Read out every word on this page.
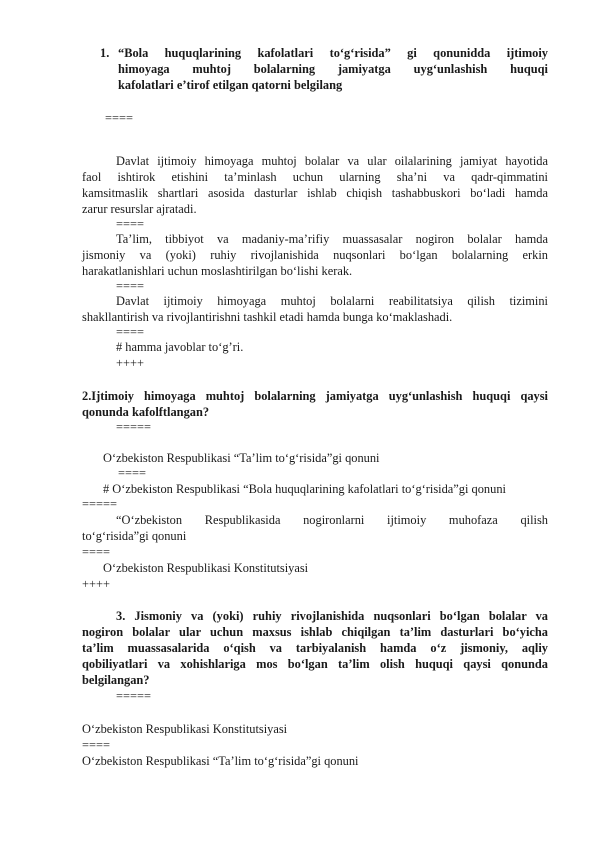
1. “Bola huquqlarining kafolatlari to‘g‘risida” gi qonunidda ijtimoiy
himoyaga muhtoj bolalarning jamiyatga uyg‘unlashish huquqi
kafolatlari e’tirof etilgan qatorni belgilang
====
Davlat ijtimoiy himoyaga muhtoj bolalar va ular oilalarining jamiyat hayotida
faol ishtirok etishini ta’minlash uchun ularning sha’ni va qadr-qimmatini
kamsitmaslik shartlari asosida dasturlar ishlab chiqish tashabbuskori bo‘ladi hamda
zarur resurslar ajratadi.
====
Ta’lim, tibbiyot va madaniy-ma’rifiy muassasalar nogiron bolalar hamda
jismoniy va (yoki) ruhiy rivojlanishida nuqsonlari bo‘lgan bolalarning erkin
harakatlanishlari uchun moslashtirilgan bo‘lishi kerak.
====
Davlat ijtimoiy himoyaga muhtoj bolalarni reabilitatsiya qilish tizimini
shakllantirish va rivojlantirishni tashkil etadi hamda bunga ko‘maklashadi.
====
# hamma javoblar to‘g’ri.
++++
2.Ijtimoiy himoyaga muhtoj bolalarning jamiyatga uyg‘unlashish huquqi qaysi
qonunda kafolftlangan?
=====
O‘zbekiston Respublikasi “Ta’lim to‘g‘risida”gi qonuni
====
# O‘zbekiston Respublikasi “Bola huquqlarining kafolatlari to‘g‘risida”gi qonuni
=====
“O‘zbekiston Respublikasida nogironlarni ijtimoiy muhofaza qilish
to‘g‘risida”gi qonuni
====
O‘zbekiston Respublikasi Konstitutsiyasi
++++
3. Jismoniy va (yoki) ruhiy rivojlanishida nuqsonlari bo‘lgan bolalar va
nogiron bolalar ular uchun maxsus ishlab chiqilgan ta’lim dasturlari bo‘yicha
ta’lim muassasalarida o‘qish va tarbiyalanish hamda o‘z jismoniy, aqliy
qobiliyatlari va xohishlariga mos bo‘lgan ta’lim olish huquqi qaysi qonunda
belgilangan?
=====
O‘zbekiston Respublikasi Konstitutsiyasi
====
O‘zbekiston Respublikasi “Ta’lim to‘g‘risida”gi qonuni
